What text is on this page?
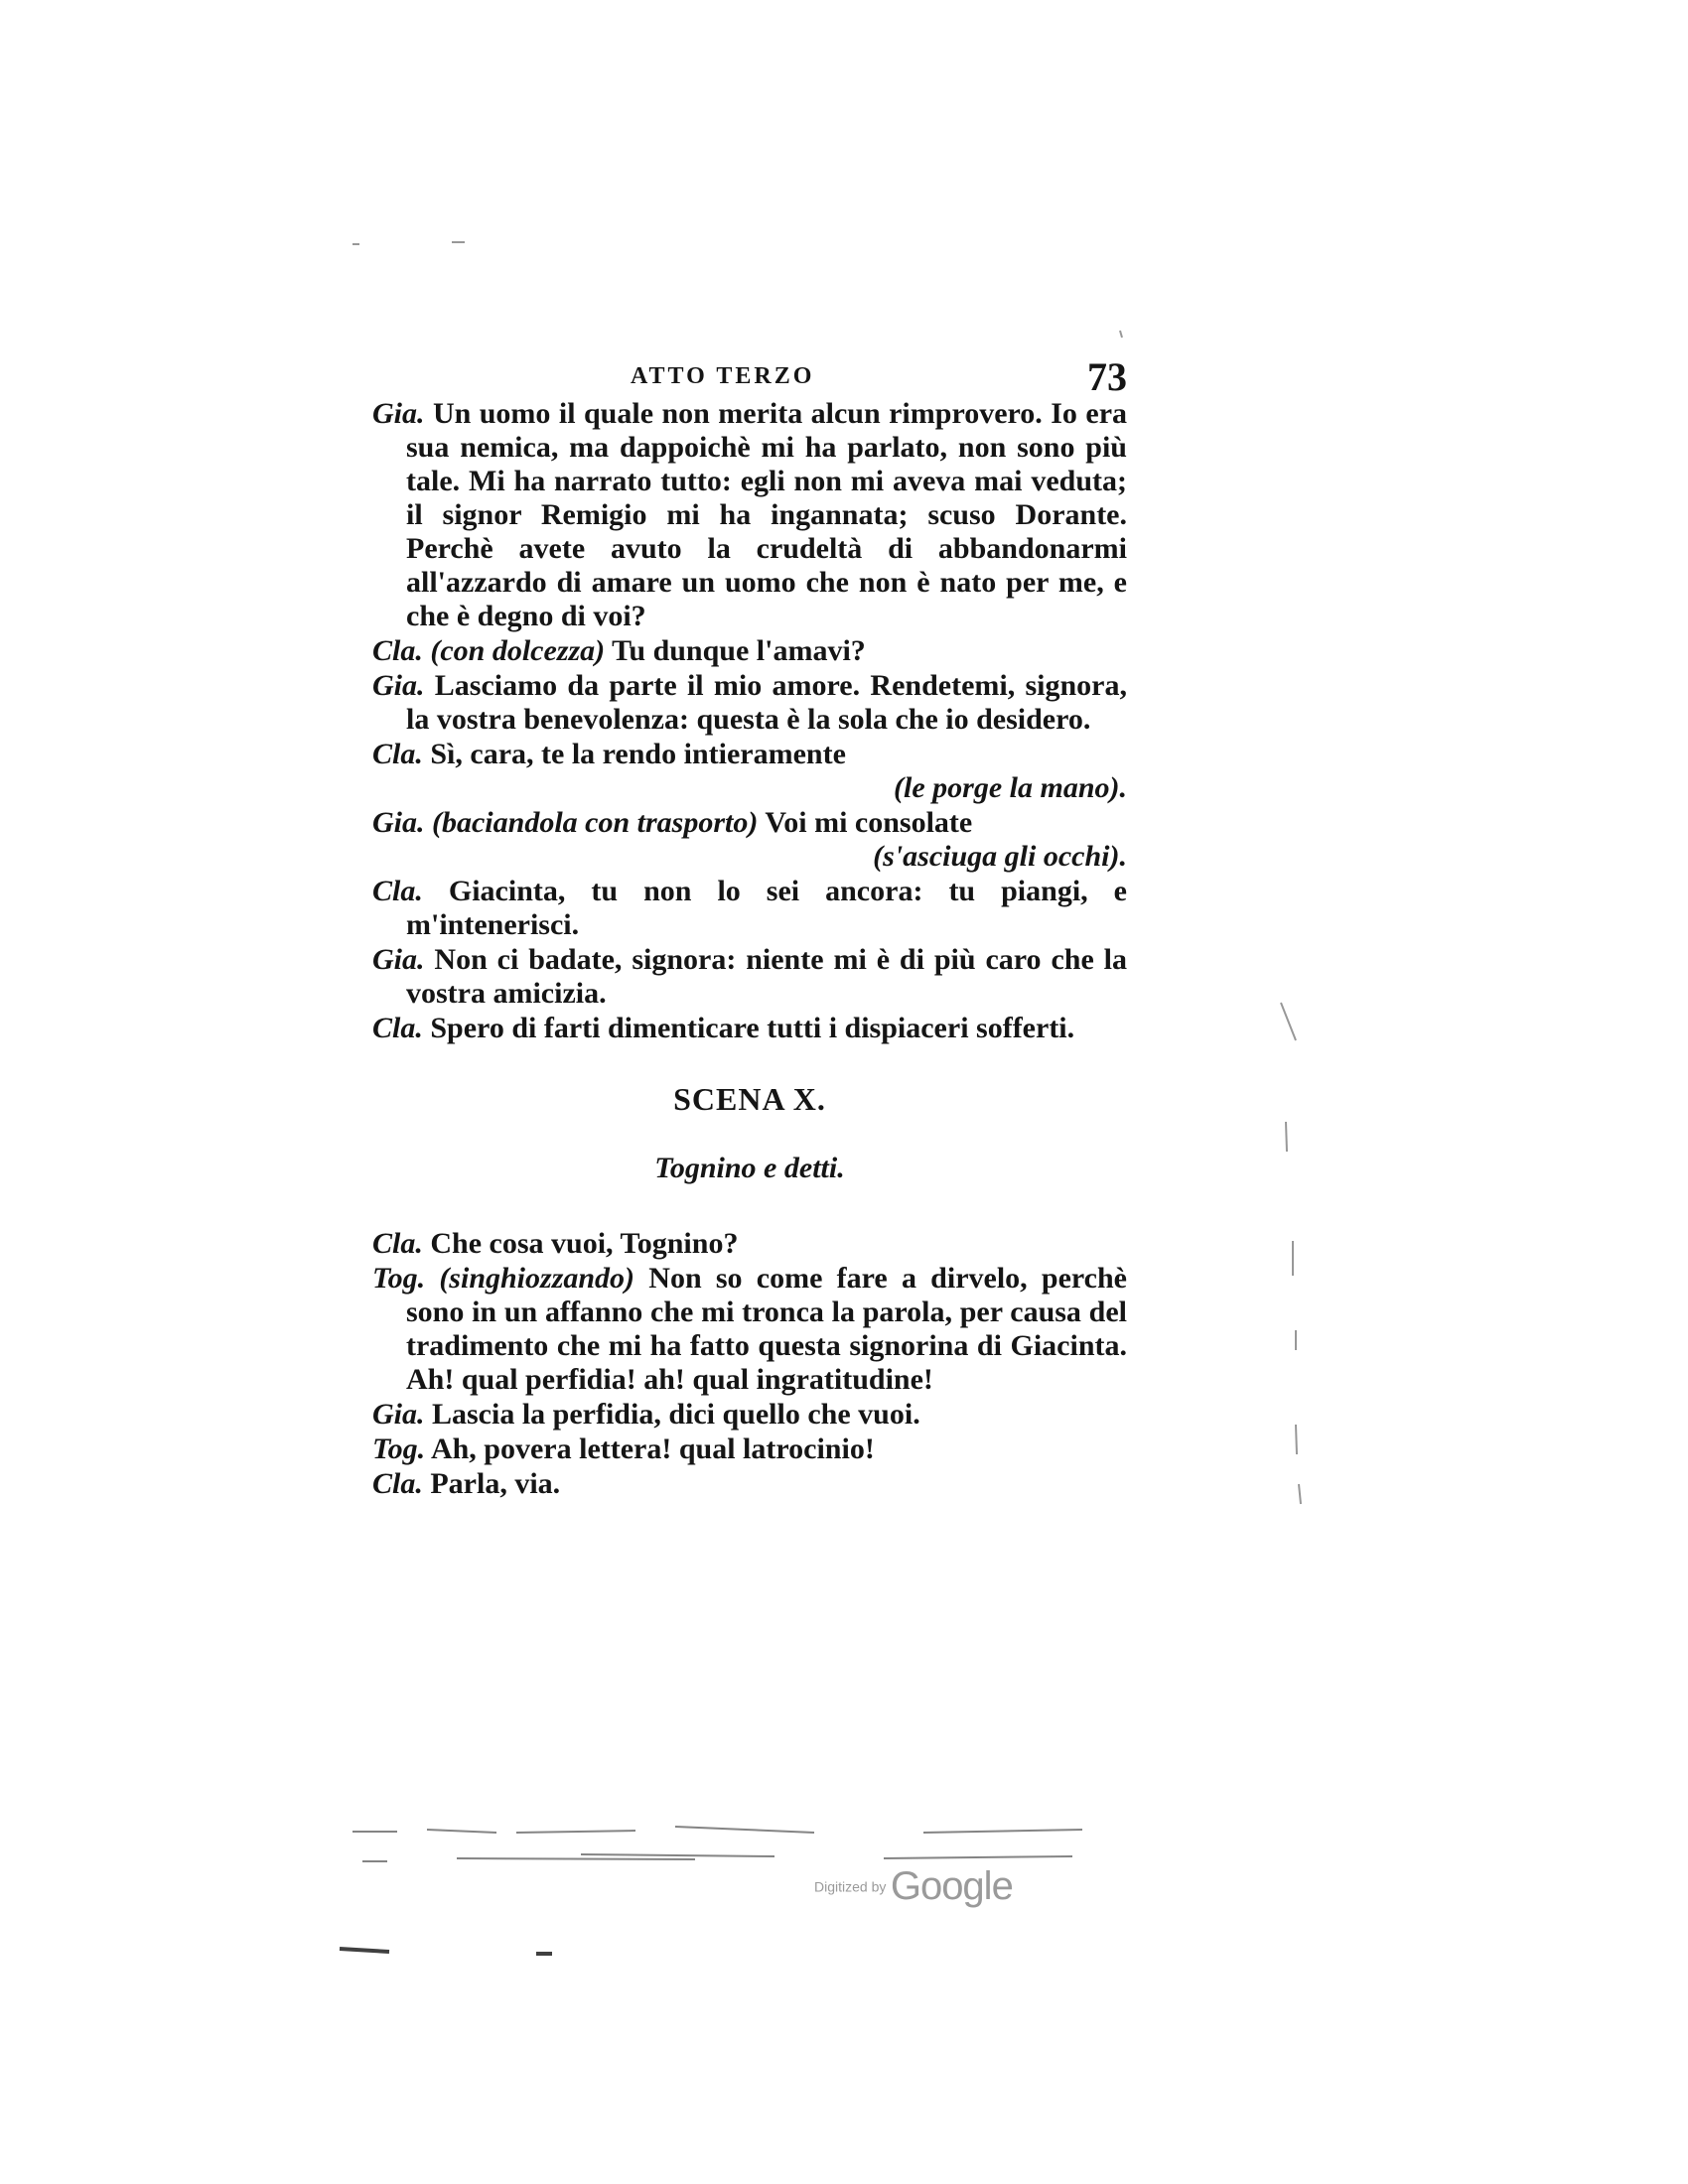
ATTO TERZO	73

Gia. Un uomo il quale non merita alcun rimprovero. Io era sua nemica, ma dappoichè mi ha parlato, non sono più tale. Mi ha narrato tutto: egli non mi aveva mai veduta; il signor Remigio mi ha ingannata; scuso Dorante. Perchè avete avuto la crudeltà di abbandonarmi all'azzardo di amare un uomo che non è nato per me, e che è degno di voi?

Cla. (con dolcezza) Tu dunque l'amavi?

Gia. Lasciamo da parte il mio amore. Rendetemi, signora, la vostra benevolenza: questa è la sola che io desidero.

Cla. Sì, cara, te la rendo intieramente
(le porge la mano).

Gia. (baciandola con trasporto) Voi mi consolate
(s'asciuga gli occhi).

Cla. Giacinta, tu non lo sei ancora: tu piangi, e m'intenerisci.

Gia. Non ci badate, signora: niente mi è di più caro che la vostra amicizia.

Cla. Spero di farti dimenticare tutti i dispiaceri sofferti.

SCENA X.
Tognino e detti.

Cla. Che cosa vuoi, Tognino?

Tog. (singhiozzando) Non so come fare a dirvelo, perchè sono in un affanno che mi tronca la parola, per causa del tradimento che mi ha fatto questa signorina di Giacinta. Ah! qual perfidia! ah! qual ingratitudine!

Gia. Lascia la perfidia, dici quello che vuoi.

Tog. Ah, povera lettera! qual latrocinio!

Cla. Parla, via.

Digitized by Google
